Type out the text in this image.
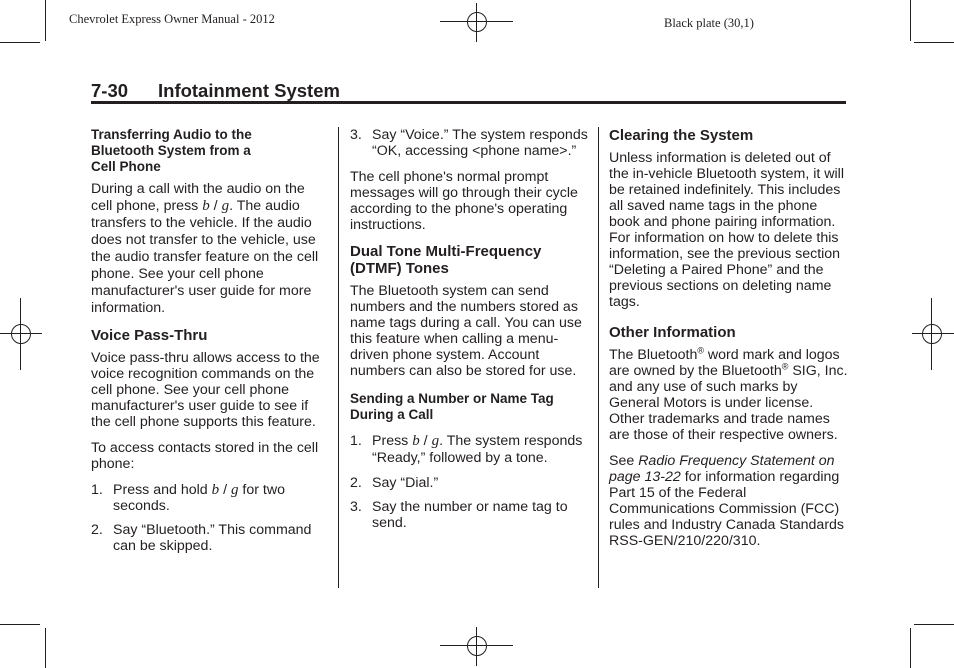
Chevrolet Express Owner Manual - 2012	Black plate (30,1)
7-30 Infotainment System
Transferring Audio to the
Bluetooth System from a
Cell Phone

During a call with the audio on the cell phone, press b / g. The audio transfers to the vehicle. If the audio does not transfer to the vehicle, use the audio transfer feature on the cell phone. See your cell phone manufacturer's user guide for more information.

Voice Pass-Thru

Voice pass-thru allows access to the voice recognition commands on the cell phone. See your cell phone manufacturer's user guide to see if the cell phone supports this feature.

To access contacts stored in the cell phone:

1. Press and hold b / g for two seconds.
2. Say “Bluetooth.” This command can be skipped.
3. Say “Voice.” The system responds “OK, accessing <phone name>.”

The cell phone's normal prompt messages will go through their cycle according to the phone's operating instructions.

Dual Tone Multi-Frequency (DTMF) Tones

The Bluetooth system can send numbers and the numbers stored as name tags during a call. You can use this feature when calling a menu-driven phone system. Account numbers can also be stored for use.

Sending a Number or Name Tag During a Call
1. Press b / g. The system responds “Ready,” followed by a tone.
2. Say “Dial.”
3. Say the number or name tag to send.
Clearing the System

Unless information is deleted out of the in-vehicle Bluetooth system, it will be retained indefinitely. This includes all saved name tags in the phone book and phone pairing information. For information on how to delete this information, see the previous section “Deleting a Paired Phone” and the previous sections on deleting name tags.

Other Information

The Bluetooth® word mark and logos are owned by the Bluetooth® SIG, Inc. and any use of such marks by General Motors is under license. Other trademarks and trade names are those of their respective owners.

See Radio Frequency Statement on page 13-22 for information regarding Part 15 of the Federal Communications Commission (FCC) rules and Industry Canada Standards RSS-GEN/210/220/310.
